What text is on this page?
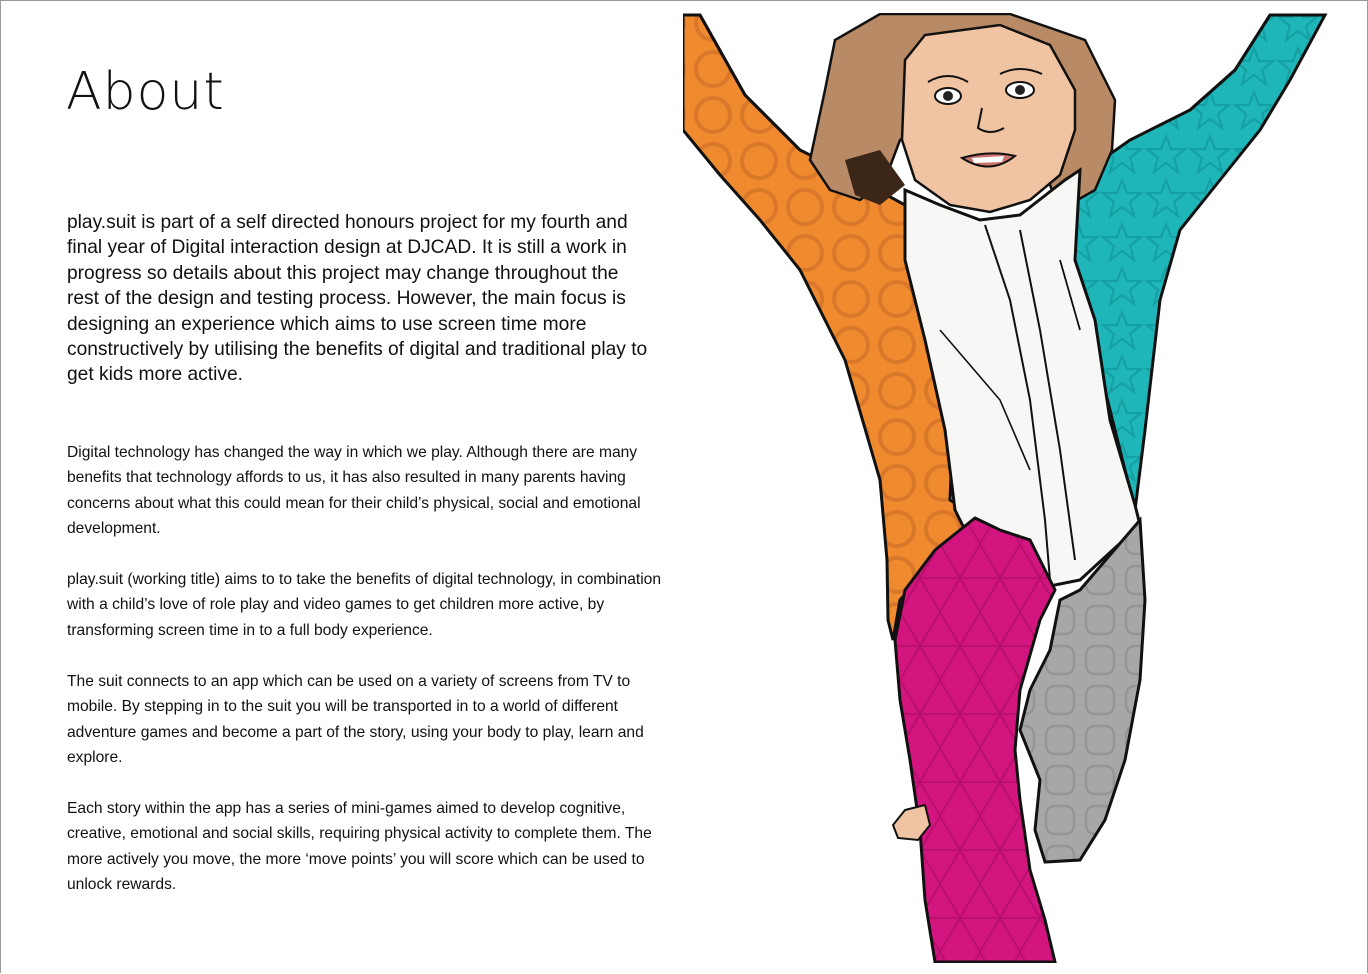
About

play.suit is part of a self directed honours project for my fourth and final year of Digital interaction design at DJCAD. It is still a work in progress so details about this project may change throughout the rest of the design and testing process. However, the main focus is designing an experience which aims to use screen time more constructively by utilising the benefits of digital and traditional play to get kids more active.

Digital technology has changed the way in which we play. Although there are many benefits that technology affords to us, it has also resulted in many parents having concerns about what this could mean for their child’s physical, social and emotional development.

play.suit (working title) aims to to take the benefits of digital technology, in combination with a child’s love of role play and video games to get children more active, by transforming screen time in to a full body experience.

The suit connects to an app which can be used on a variety of screens from TV to mobile. By stepping in to the suit you will be transported in to a world of different adventure games and become a part of the story, using your body to play, learn and explore.

Each story within the app has a series of mini-games aimed to develop cognitive, creative, emotional and social skills, requiring physical activity to complete them. The more actively you move, the more ‘move points’ you will score which can be used to unlock rewards.
